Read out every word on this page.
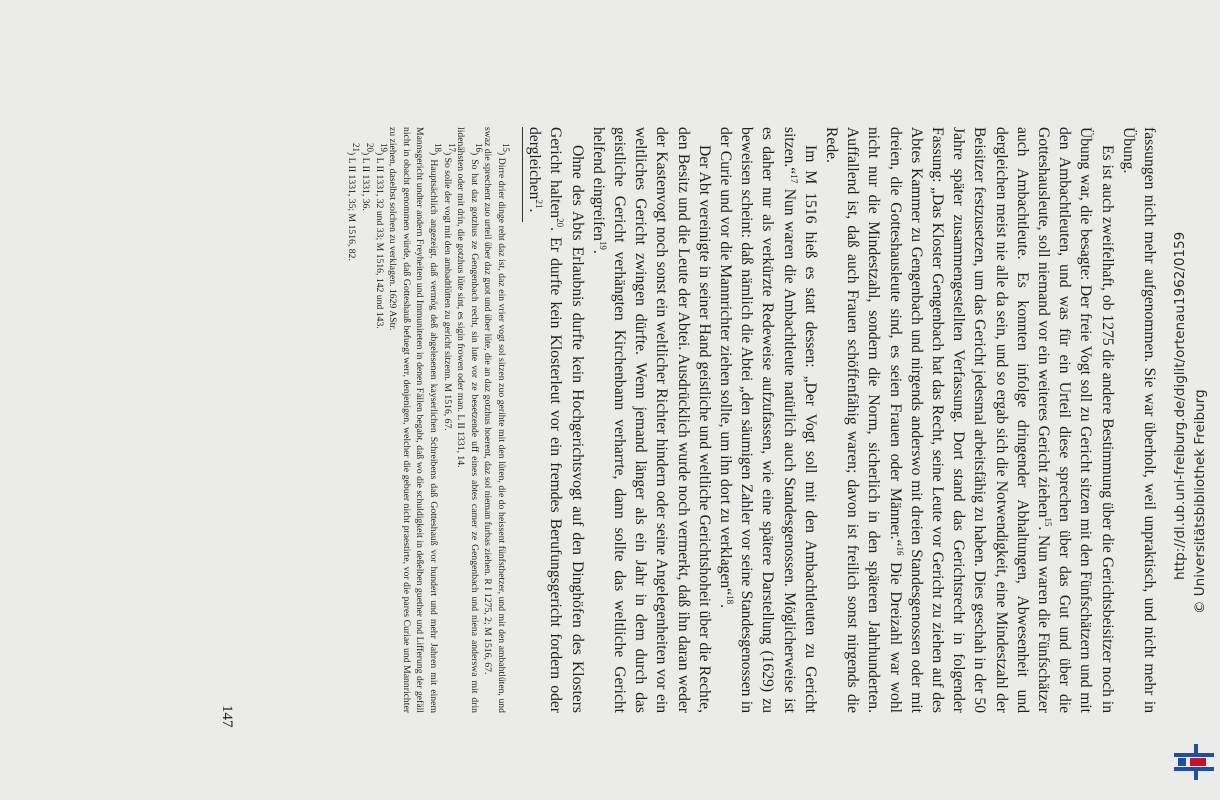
fassungen nicht mehr aufgenommen. Sie war überholt, weil unpraktisch, und nicht mehr in Übung.

Es ist auch zweifelhaft, ob 1275 die andere Bestimmung über die Gerichtsbeisitzer noch in Übung war, die besagte: Der freie Vogt soll zu Gericht sitzen mit den Fünfschätzern und mit den Ambachtleuten, und was für ein Urteil diese sprechen über das Gut und über die Gotteshausleute, soll niemand vor ein weiteres Gericht ziehen$^{15}$. Nun waren die Fünfschätzer auch Ambachtleute. Es konnten infolge dringender Abhaltungen, Abwesenheit und dergleichen meist nie alle da sein, und so ergab sich die Notwendigkeit, eine Mindestzahl der Beisitzer festzusetzen, um das Gericht jedesmal arbeitsfähig zu haben. Dies geschah in der 50 Jahre später zusammengestellten Verfassung. Dort stand das Gerichtsrecht in folgender Fassung: „Das Kloster Gengenbach hat das Recht, seine Leute vor Gericht zu ziehen auf des Abtes Kammer zu Gengenbach und nirgends anderswo mit dreien Standesgenossen oder mit dreien, die Gotteshausleute sind, es seien Frauen oder Männer.“$^{16}$ Die Dreizahl war wohl nicht nur die Mindestzahl, sondern die Norm, sicherlich in den späteren Jahrhunderten. Auffallend ist, daß auch Frauen schöffenfähig waren; davon ist freilich sonst nirgends die Rede.

Im M 1516 hieß es statt dessen: „Der Vogt soll mit den Ambachtleuten zu Gericht sitzen.“$^{17}$ Nun waren die Ambachtleute natürlich auch Standesgenossen. Möglicherweise ist es daher nur als verkürzte Redeweise aufzufassen, wie eine spätere Darstellung (1629) zu beweisen scheint: daß nämlich die Abtei „den säumigen Zahler vor seine Standesgenossen in der Curie und vor die Mannrichter ziehen sollte, um ihn dort zu verklagen“$^{18}$.

Der Abt vereinigte in seiner Hand geistliche und weltliche Gerichtshoheit über die Rechte, den Besitz und die Leute der Abtei. Ausdrücklich wurde noch vermerkt, daß ihn daran weder der Kastenvogt noch sonst ein weltlicher Richter hindern oder seine Angelegenheiten vor ein weltliches Gericht zwingen dürfte. Wenn jemand länger als ein Jahr in dem durch das geistliche Gericht verhängten Kirchenbann verharrte, dann sollte das weltliche Gericht helfend eingreifen$^{19}$.

Ohne des Abts Erlaubnis durfte kein Hochgerichtsvogt auf den Dinghöfen des Klosters Gericht halten$^{20}$. Er durfte kein Klosterleut vor ein fremdes Berufungsgericht fordern oder dergleichen$^{21}$.

$^{15}$) Dirre drier dinge reht daz ist, daz ein vrier vogt sol sitzen zuo gerihte mit den lüten, die do heissent fünfsthetzer, und mit den ambahtlüten, und swaz die sprechent zuo urteil über daz guot und über lüte, die an daz gotzhus hoerent, daz sol nieman furbas ziehen. R I 1275, 2; M 1516, 67.

$^{16}$) So hat daz gotzhus ze Gengenbach recht, sin lute vor ze besetzende uff eines abtes camer ze Gengenbach und niena anderswa mit drin lidenähsten oder mit drin, die gotzhus lüte sint, es sigin frowen oder man. L II 1331, 14.

$^{17}$) So solle der vogt mit den ambadtlütten zu gericht sitzenn. M 1516, 67.

$^{18}$) Hauptsächlich angezeigt, daß vermög deß abgelesenen kayserlichen Schreibens daß Gotteshauß vor hundert und mehr Jahren mit einem Mannsgericht undter andern Freyheiten und Immuniteten in denen Fällen begabt, daß wo die schuldigkeit in deßelben guether und Lifferung der gefäll nicht in obacht genommen würde, daß Gotteshauß befuegt werr, denjenigen, welcher die gebuer nicht praestirte, vor die pares Curiae und Mannrichter zu ziehen, daselbst solchen zu verklagen. 1629 AStr.

$^{19}$) L II 1331, 32 und 33; M 1516, 142 und 143.

$^{20}$) L II 1331, 36.

$^{21}$) L II 1331, 35; M 1516, 82.

147
http://dl.ub.uni-freiburg.de/diglit/ortenau1962/0159 © Universitätsbibliothek Freiburg
